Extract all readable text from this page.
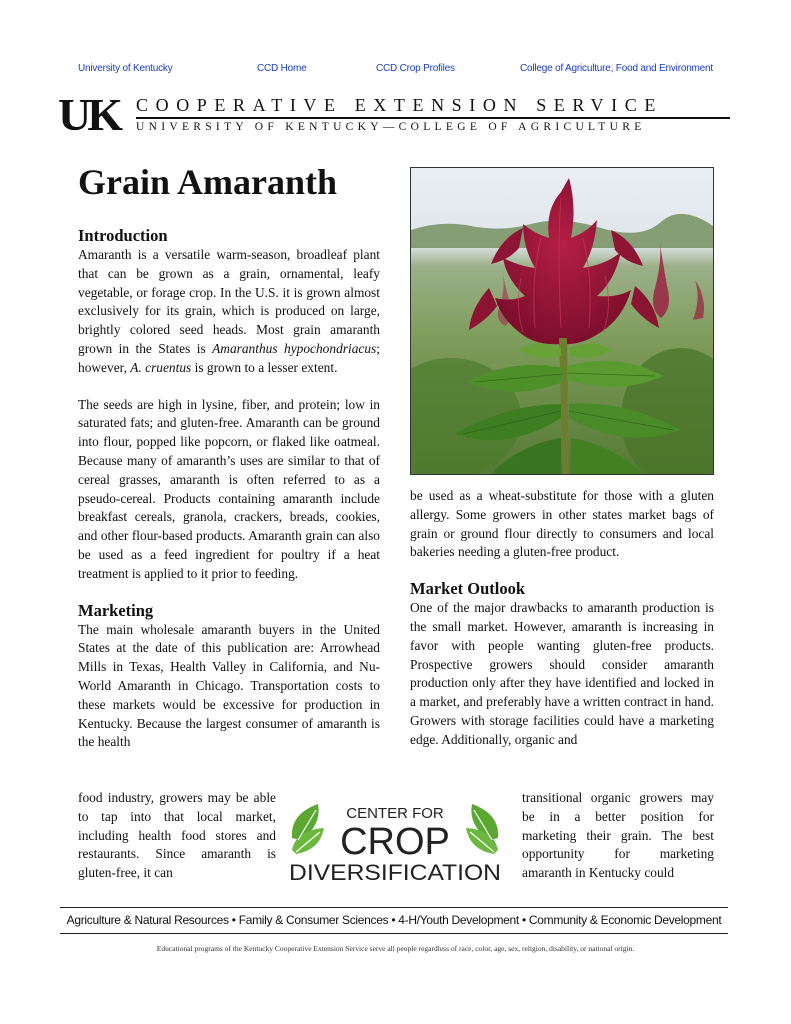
University of Kentucky	CCD Home	CCD Crop Profiles	College of Agriculture, Food and Environment
UK COOPERATIVE EXTENSION SERVICE
UNIVERSITY OF KENTUCKY—COLLEGE OF AGRICULTURE
Grain Amaranth
Introduction

Amaranth is a versatile warm-season, broadleaf plant that can be grown as a grain, ornamental, leafy vegetable, or forage crop. In the U.S. it is grown almost exclusively for its grain, which is produced on large, brightly colored seed heads. Most grain amaranth grown in the States is Amaranthus hypochondriacus; however, A. cruentus is grown to a lesser extent.

The seeds are high in lysine, fiber, and protein; low in saturated fats; and gluten-free. Amaranth can be ground into flour, popped like popcorn, or flaked like oatmeal. Because many of amaranth’s uses are similar to that of cereal grasses, amaranth is often referred to as a pseudo-cereal. Products containing amaranth include breakfast cereals, granola, crackers, breads, cookies, and other flour-based products. Amaranth grain can also be used as a feed ingredient for poultry if a heat treatment is applied to it prior to feeding.

Marketing

The main wholesale amaranth buyers in the United States at the date of this publication are: Arrowhead Mills in Texas, Health Valley in California, and Nu-World Amaranth in Chicago. Transportation costs to these markets would be excessive for production in Kentucky. Because the largest consumer of amaranth is the health

be used as a wheat-substitute for those with a gluten allergy. Some growers in other states market bags of grain or ground flour directly to consumers and local bakeries needing a gluten-free product.

Market Outlook

One of the major drawbacks to amaranth production is the small market. However, amaranth is increasing in favor with people wanting gluten-free products. Prospective growers should consider amaranth production only after they have identified and locked in a market, and preferably have a written contract in hand. Growers with storage facilities could have a marketing edge. Additionally, organic and

food industry, growers may be able to tap into that local market, including health food stores and restaurants. Since amaranth is gluten-free, it can

transitional organic growers may be in a better position for marketing their grain. The best opportunity for marketing amaranth in Kentucky could

CENTER FOR
CROP
DIVERSIFICATION
Agriculture & Natural Resources • Family & Consumer Sciences • 4-H/Youth Development • Community & Economic Development
Educational programs of the Kentucky Cooperative Extension Service serve all people regardless of race, color, age, sex, religion, disability, or national origin.
